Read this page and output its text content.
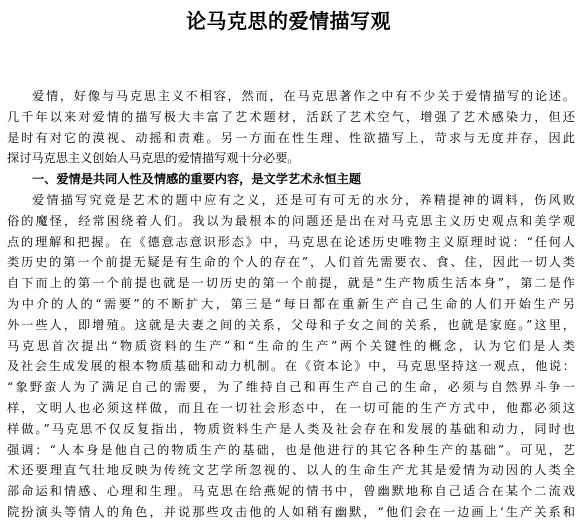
论马克思的爱情描写观
爱情，好像与马克思主义不相容，然而，在马克思著作之中有不少关于爱情描写的论述。
几千年以来对爱情的描写极大丰富了艺术题材，活跃了艺术空气，增强了艺术感染力，但还
是时有对它的漠视、动摇和责难。另一方面在性生理、性欲描写上，苛求与无度并存，因此
探讨马克思主义创始人马克思的爱情描写观十分必要。
一、爱情是共同人性及情感的重要内容，是文学艺术永恒主题
爱情描写究竟是艺术的题中应有之义，还是可有可无的水分，养精提神的调料，伤风败
俗的魔怪，经常困绕着人们。我以为最根本的问题还是出在对马克思主义历史观点和美学观
点的理解和把握。在《德意志意识形态》中，马克思在论述历史唯物主义原理时说：“任何人
类历史的第一个前提无疑是有生命的个人的存在”，人们首先需要衣、食、住，因此一切人类
自下而上的第一个前提也就是一切历史的第一个前提，就是“生产物质生活本身”，第二是作
为中介的人的“需要”的不断扩大，第三是“每日都在重新生产自己生命的人们开始生产另
外一些人，即增殖。这就是夫妻之间的关系，父母和子女之间的关系，也就是家庭。”这里，
马克思首次提出“物质资料的生产”和“生命的生产”两个关键性的概念，认为它们是人类
及社会生成发展的根本物质基础和动力机制。在《资本论》中，马克思坚持这一观点，他说：
“象野蛮人为了满足自己的需要，为了维持自己和再生产自己的生命，必须与自然界斗争一
样，文明人也必须这样做，而且在一切社会形态中，在一切可能的生产方式中，他都必须这
样做。”马克思不仅反复指出，物质资料生产是人类及社会存在和发展的基础和动力，同时也
强调：“人本身是他自己的物质生产的基础，也是他进行的其它各种生产的基础”。可见，艺
术还要理直气壮地反映为传统文艺学所忽视的、以人的生命生产尤其是爱情为动因的人类全
部命运和情感、心理和生理。马克思在给燕妮的情书中，曾幽默地称自己适合在某个二流戏
院扮演头等情人的角色，并说那些攻击他的人如稍有幽默，“他们会在一边画上‘生产关系和
